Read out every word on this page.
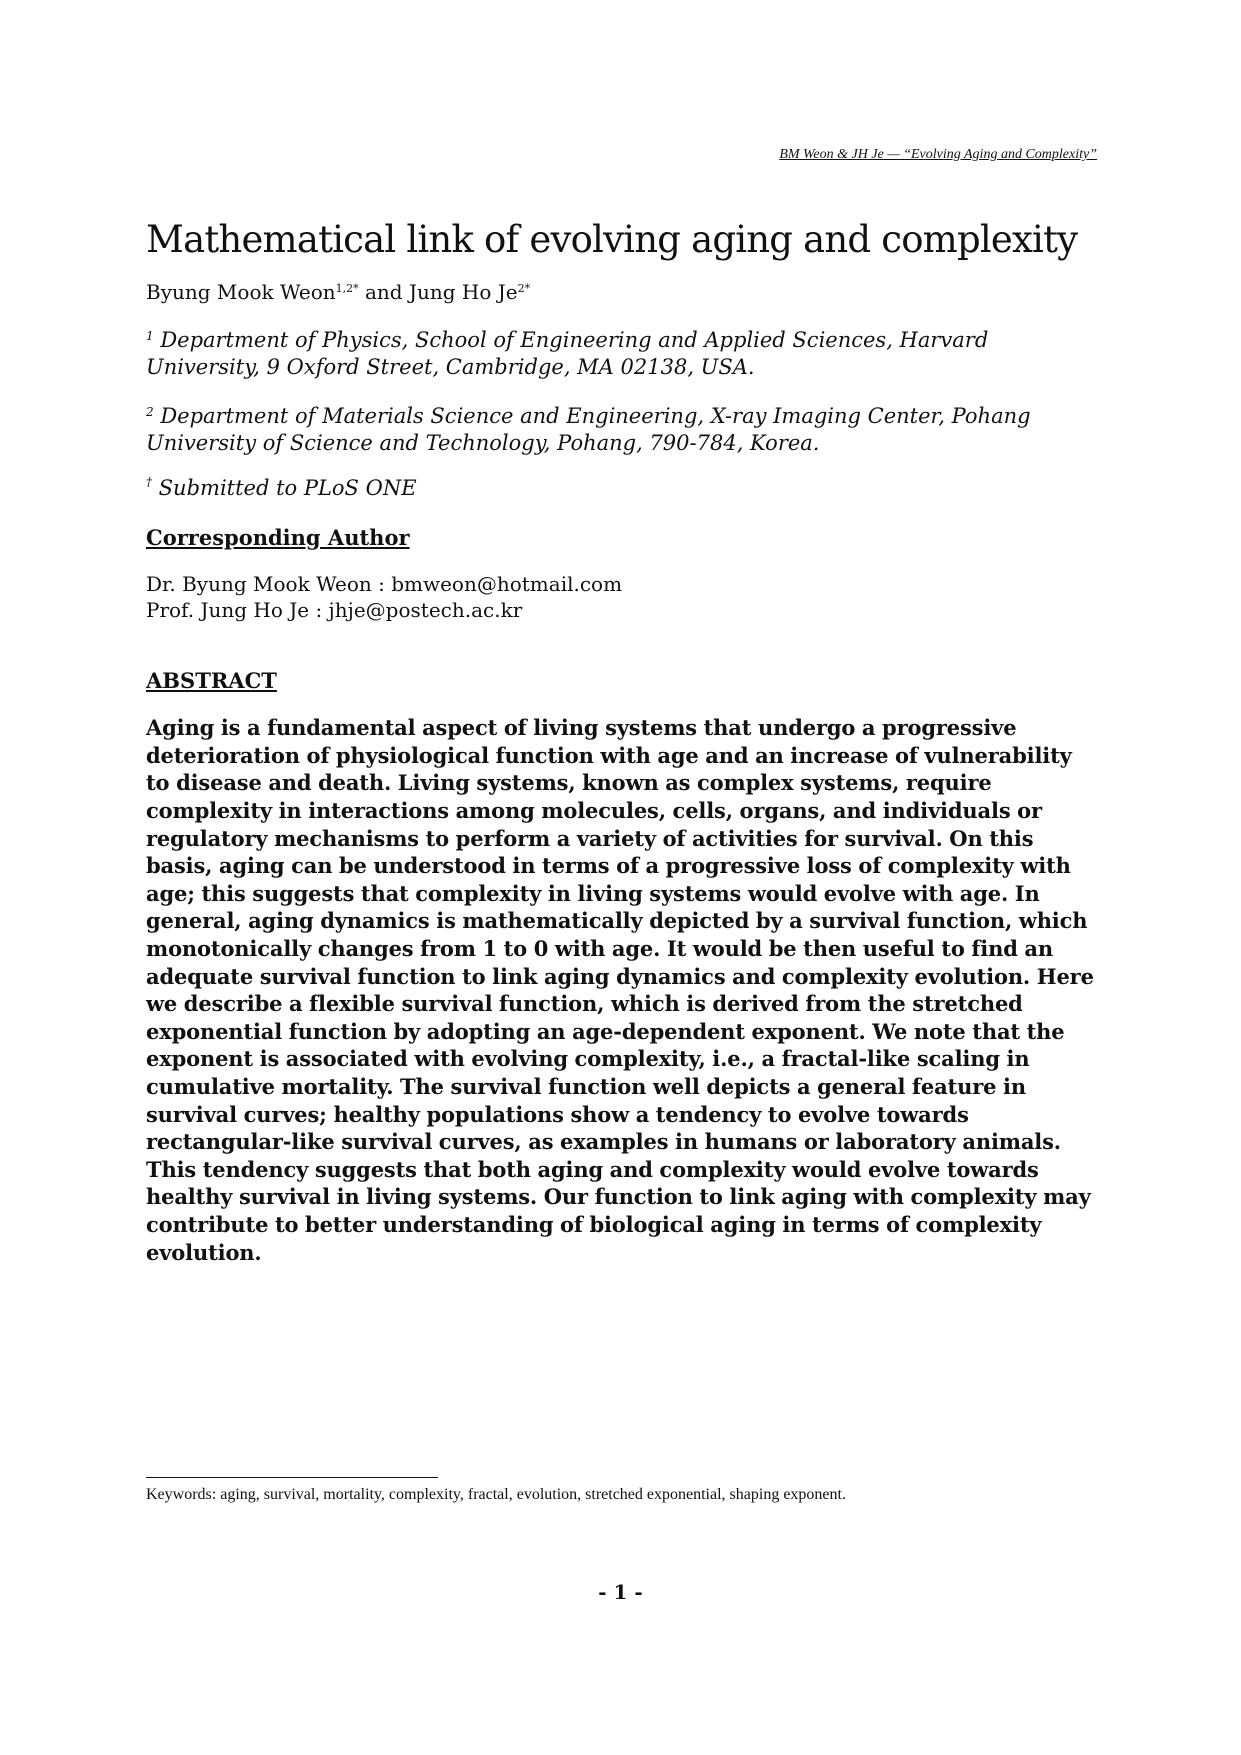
BM Weon & JH Je — “Evolving Aging and Complexity”
Mathematical link of evolving aging and complexity

Byung Mook Weon$^{1,2*}$ and Jung Ho $Je^{2*}$

$^1$ Department of Physics, School of Engineering and Applied Sciences, Harvard University, 9 Oxford Street, Cambridge, MA 02138, USA.

$^2$ Department of Materials Science and Engineering, X-ray Imaging Center, Pohang University of Science and Technology, Pohang, 790-784, Korea.

† Submitted to PLoS ONE

Corresponding Author

Dr. Byung Mook Weon : bmweon@hotmail.com
Prof. Jung Ho Je : jhje@postech.ac.kr

ABSTRACT

Aging is a fundamental aspect of living systems that undergo a progressive deterioration of physiological function with age and an increase of vulnerability to disease and death. Living systems, known as complex systems, require complexity in interactions among molecules, cells, organs, and individuals or regulatory mechanisms to perform a variety of activities for survival. On this basis, aging can be understood in terms of a progressive loss of complexity with age; this suggests that complexity in living systems would evolve with age. In general, aging dynamics is mathematically depicted by a survival function, which monotonically changes from 1 to 0 with age. It would be then useful to find an adequate survival function to link aging dynamics and complexity evolution. Here we describe a flexible survival function, which is derived from the stretched exponential function by adopting an age-dependent exponent. We note that the exponent is associated with evolving complexity, i.e., a fractal-like scaling in cumulative mortality. The survival function well depicts a general feature in survival curves; healthy populations show a tendency to evolve towards rectangular-like survival curves, as examples in humans or laboratory animals. This tendency suggests that both aging and complexity would evolve towards healthy survival in living systems. Our function to link aging with complexity may contribute to better understanding of biological aging in terms of complexity evolution.

Keywords: aging, survival, mortality, complexity, fractal, evolution, stretched exponential, shaping exponent.
- 1 -
